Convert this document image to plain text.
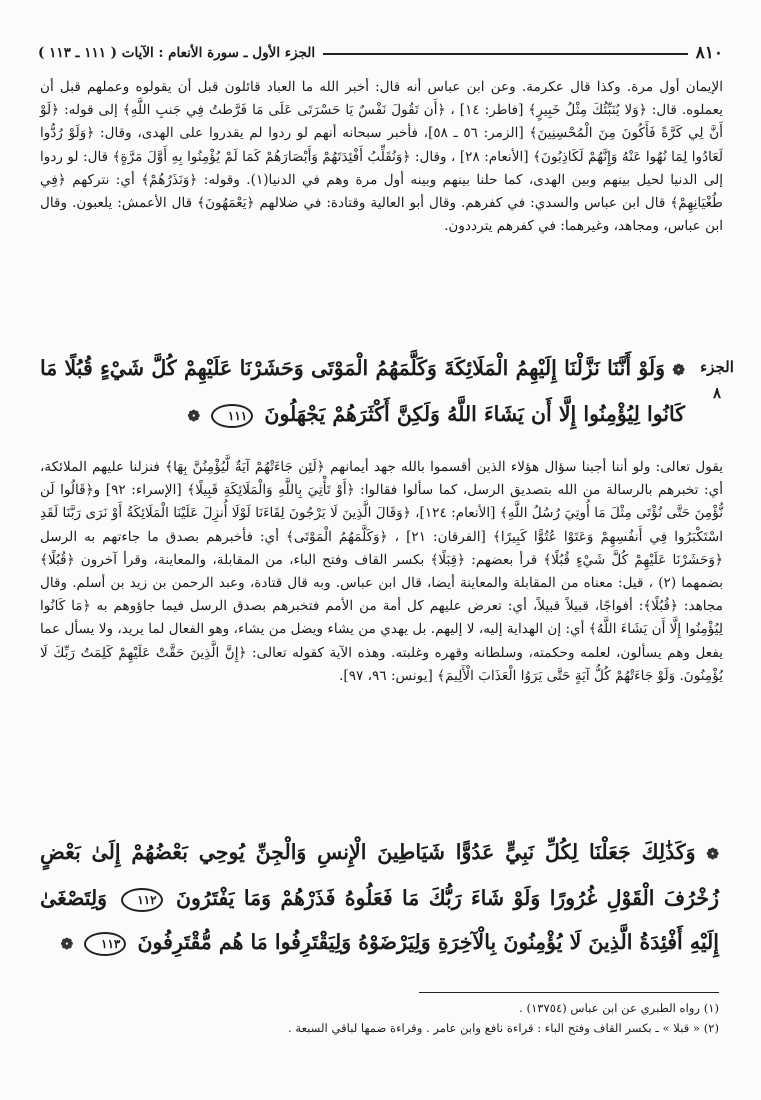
٨١٠
الجزء الأول ـ سورة الأنعام : الآيات ( ١١١ ـ ١١٣ )

الإيمان أول مرة. وكذا قال عكرمة. وعن ابن عباس أنه قال: أخبر الله ما العباد قائلون قبل أن يقولوه وعملهم قبل أن يعملوه. قال: ﴿وَلا يُنَبِّئُكَ مِثْلُ خَبِيرٍ﴾ [فاطر: ١٤] ، ﴿أَن تَقُولَ نَفْسٌ يَا حَسْرَتَى عَلَى مَا فَرَّطتُ فِي جَنبِ اللَّهِ﴾ إلى قوله: ﴿لَوْ أَنَّ لِي كَرَّةً فَأَكُونَ مِنَ الْمُحْسِنِينَ﴾ [الزمر: ٥٦ ـ ٥٨]، فأخبر سبحانه أنهم لو ردوا لم يقدروا على الهدى، وقال: ﴿وَلَوْ رُدُّوا لَعَادُوا لِمَا نُهُوا عَنْهُ وَإِنَّهُمْ لَكَاذِبُونَ﴾ [الأنعام: ٢٨] ، وقال: ﴿وَنُقَلِّبُ أَفْئِدَتَهُمْ وَأَبْصَارَهُمْ كَمَا لَمْ يُؤْمِنُوا بِهِ أَوَّلَ مَرَّةٍ﴾ قال: لو ردوا إلى الدنيا لحيل بينهم وبين الهدى، كما حلنا بينهم وبينه أول مرة وهم في الدنيا(١). وقوله: ﴿وَنَذَرُهُمْ﴾ أي: نتركهم ﴿فِي طُغْيَانِهِمْ﴾ قال ابن عباس والسدي: في كفرهم. وقال أبو العالية وقتادة: في ضلالهم ﴿يَعْمَهُونَ﴾ قال الأعمش: يلعبون. وقال ابن عباس، ومجاهد، وغيرهما: في كفرهم يترددون.

الجزء
٨
❁ وَلَوْ أَنَّنَا نَزَّلْنَا إِلَيْهِمُ الْمَلَائِكَةَ وَكَلَّمَهُمُ الْمَوْتَى وَحَشَرْنَا عَلَيْهِمْ كُلَّ شَيْءٍ قُبُلًا مَا كَانُوا لِيُؤْمِنُوا إِلَّا أَن يَشَاءَ اللَّهُ وَلَكِنَّ أَكْثَرَهُمْ يَجْهَلُونَ ١١١ ❁

يقول تعالى: ولو أننا أجبنا سؤال هؤلاء الذين أقسموا بالله جهد أيمانهم ﴿لَئِن جَاءَتْهُمْ آيَةٌ لَّيُؤْمِنُنَّ بِهَا﴾ فنزلنا عليهم الملائكة، أي: تخبرهم بالرسالة من الله بتصديق الرسل، كما سألوا فقالوا: ﴿أَوْ تَأْتِيَ بِاللَّهِ وَالْمَلَائِكَةِ قَبِيلًا﴾ [الإسراء: ٩٢] و﴿قَالُوا لَن نُّؤْمِنَ حَتَّى نُؤْتَى مِثْلَ مَا أُوتِيَ رُسُلُ اللَّهِ﴾ [الأنعام: ١٢٤]، ﴿وَقَالَ الَّذِينَ لَا يَرْجُونَ لِقَاءَنَا لَوْلَا أُنزِلَ عَلَيْنَا الْمَلَائِكَةُ أَوْ نَرَى رَبَّنَا لَقَدِ اسْتَكْبَرُوا فِي أَنفُسِهِمْ وَعَتَوْا عُتُوًّا كَبِيرًا﴾ [الفرقان: ٢١] ، ﴿وَكَلَّمَهُمُ الْمَوْتَى﴾ أي: فأخبرهم بصدق ما جاءتهم به الرسل ﴿وَحَشَرْنَا عَلَيْهِمْ كُلَّ شَيْءٍ قُبُلًا﴾ قرأ بعضهم: ﴿قِبَلًا﴾ بكسر القاف وفتح الباء، من المقابلة، والمعاينة، وقرأ آخرون ﴿قُبُلًا﴾ بضمهما (٢) ، قيل: معناه من المقابلة والمعاينة أيضا، قال ابن عباس. وبه قال قتادة، وعبد الرحمن بن زيد بن أسلم. وقال مجاهد: ﴿قُبُلًا﴾: أفواجًا، قبيلاً قبيلاً، أي: تعرض عليهم كل أمة من الأمم فتخبرهم بصدق الرسل فيما جاؤوهم به ﴿مَا كَانُوا لِيُؤْمِنُوا إِلَّا أَن يَشَاءَ اللَّهُ﴾ أي: إن الهداية إليه، لا إليهم. بل يهدي من يشاء ويضل من يشاء، وهو الفعال لما يريد، ولا يسأل عما يفعل وهم يسألون، لعلمه وحكمته، وسلطانه وقهره وغلبته. وهذه الآية كقوله تعالى: ﴿إِنَّ الَّذِينَ حَقَّتْ عَلَيْهِمْ كَلِمَتُ رَبِّكَ لَا يُؤْمِنُونَ. وَلَوْ جَاءَتْهُمْ كُلُّ آيَةٍ حَتَّى يَرَوُا الْعَذَابَ الْأَلِيمَ﴾ [يونس: ٩٦، ٩٧].

❁ وَكَذَٰلِكَ جَعَلْنَا لِكُلِّ نَبِيٍّ عَدُوًّا شَيَاطِينَ الْإِنسِ وَالْجِنِّ يُوحِي بَعْضُهُمْ إِلَىٰ بَعْضٍ زُخْرُفَ الْقَوْلِ غُرُورًا وَلَوْ شَاءَ رَبُّكَ مَا فَعَلُوهُ فَذَرْهُمْ وَمَا يَفْتَرُونَ ١١٢ وَلِتَصْغَىٰ إِلَيْهِ أَفْئِدَةُ الَّذِينَ لَا يُؤْمِنُونَ بِالْآخِرَةِ وَلِيَرْضَوْهُ وَلِيَقْتَرِفُوا مَا هُم مُّقْتَرِفُونَ ١١٣ ❁
(١) رواه الطبري عن ابن عباس (١٣٧٥٤) .
(٢) « قبلا » ـ بكسر القاف وفتح الباء : قراءة نافع وابن عامر . وقراءة ضمها لباقي السبعة .
